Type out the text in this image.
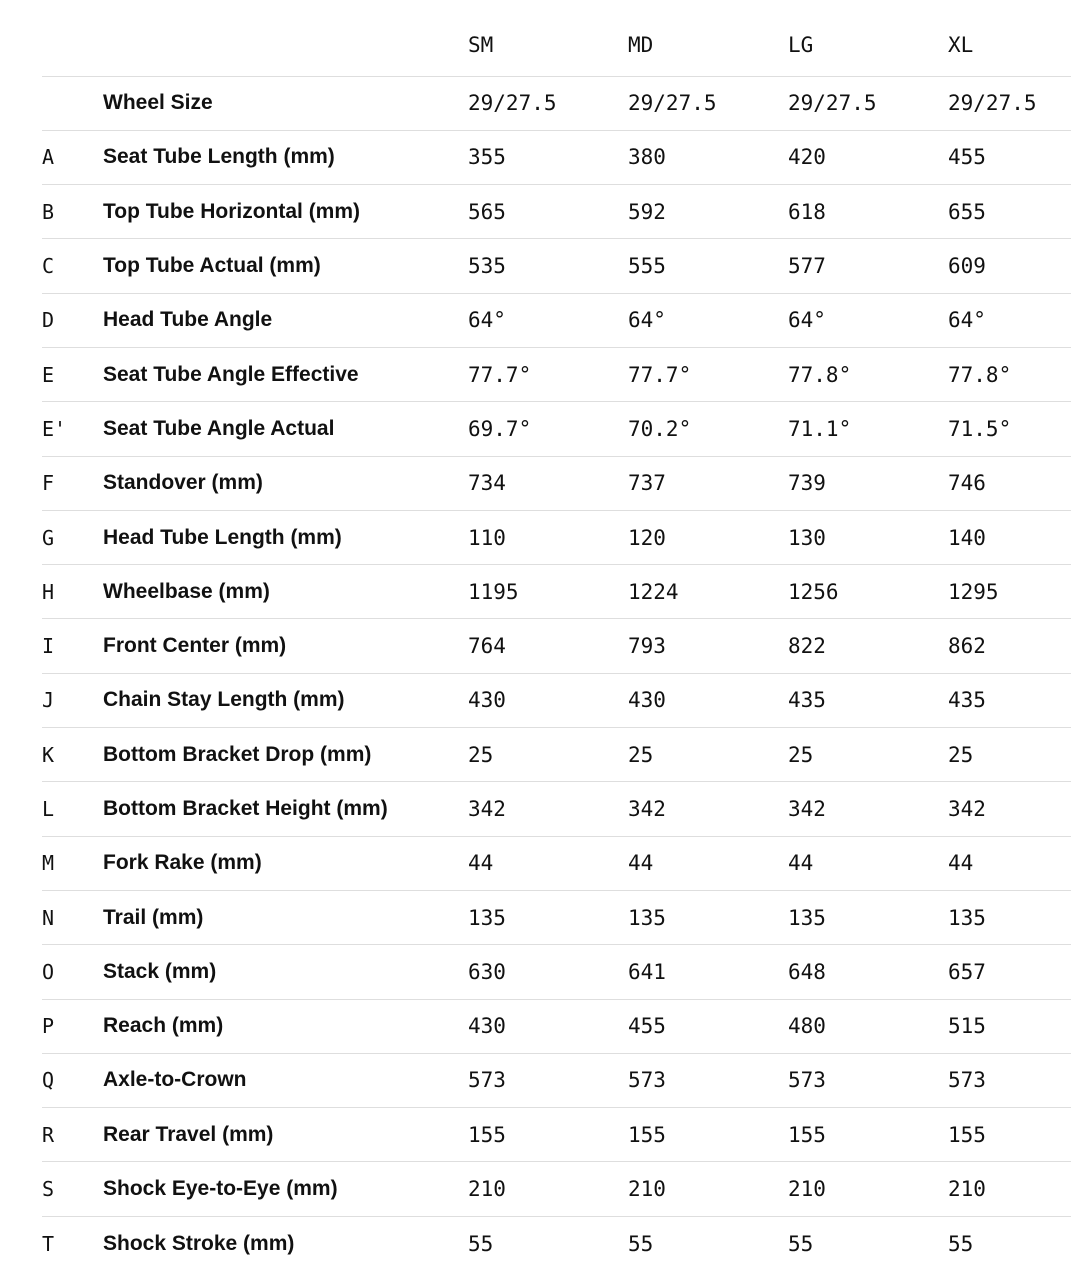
		SM	MD	LG	XL
	Wheel Size	29/27.5	29/27.5	29/27.5	29/27.5
A	Seat Tube Length (mm)	355	380	420	455
B	Top Tube Horizontal (mm)	565	592	618	655
C	Top Tube Actual (mm)	535	555	577	609
D	Head Tube Angle	64°	64°	64°	64°
E	Seat Tube Angle Effective	77.7°	77.7°	77.8°	77.8°
E'	Seat Tube Angle Actual	69.7°	70.2°	71.1°	71.5°
F	Standover (mm)	734	737	739	746
G	Head Tube Length (mm)	110	120	130	140
H	Wheelbase (mm)	1195	1224	1256	1295
I	Front Center (mm)	764	793	822	862
J	Chain Stay Length (mm)	430	430	435	435
K	Bottom Bracket Drop (mm)	25	25	25	25
L	Bottom Bracket Height (mm)	342	342	342	342
M	Fork Rake (mm)	44	44	44	44
N	Trail (mm)	135	135	135	135
O	Stack (mm)	630	641	648	657
P	Reach (mm)	430	455	480	515
Q	Axle-to-Crown	573	573	573	573
R	Rear Travel (mm)	155	155	155	155
S	Shock Eye-to-Eye (mm)	210	210	210	210
T	Shock Stroke (mm)	55	55	55	55
